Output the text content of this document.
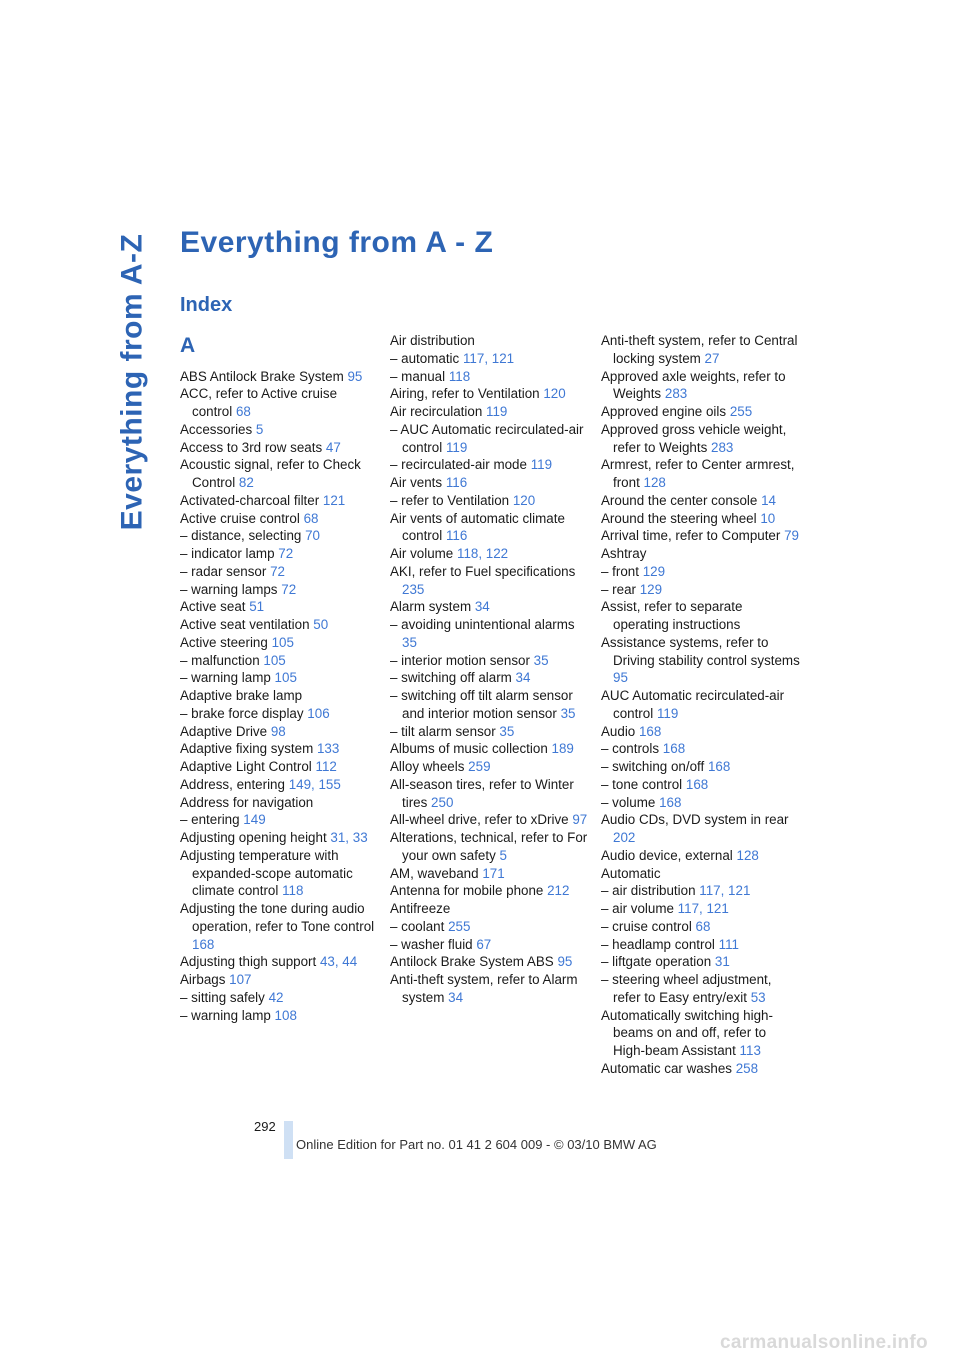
Everything from A-Z Everything from A - Z
Index
A
ABS Antilock Brake System 95
ACC, refer to Active cruise control 68
Accessories 5
Access to 3rd row seats 47
Acoustic signal, refer to Check Control 82
Activated-charcoal filter 121
Active cruise control 68
– distance, selecting 70
– indicator lamp 72
– radar sensor 72
– warning lamps 72
Active seat 51
Active seat ventilation 50
Active steering 105
– malfunction 105
– warning lamp 105
Adaptive brake lamp
– brake force display 106
Adaptive Drive 98
Adaptive fixing system 133
Adaptive Light Control 112
Address, entering 149, 155
Address for navigation
– entering 149
Adjusting opening height 31, 33
Adjusting temperature with expanded-scope automatic climate control 118
Adjusting the tone during audio operation, refer to Tone control 168
Adjusting thigh support 43, 44
Airbags 107
– sitting safely 42
– warning lamp 108
Air distribution
– automatic 117, 121
– manual 118
Airing, refer to Ventilation 120
Air recirculation 119
– AUC Automatic recirculated-air control 119
– recirculated-air mode 119
Air vents 116
– refer to Ventilation 120
Air vents of automatic climate control 116
Air volume 118, 122
AKI, refer to Fuel specifications 235
Alarm system 34
– avoiding unintentional alarms 35
– interior motion sensor 35
– switching off alarm 34
– switching off tilt alarm sensor and interior motion sensor 35
– tilt alarm sensor 35
Albums of music collection 189
Alloy wheels 259
All-season tires, refer to Winter tires 250
All-wheel drive, refer to xDrive 97
Alterations, technical, refer to For your own safety 5
AM, waveband 171
Antenna for mobile phone 212
Antifreeze
– coolant 255
– washer fluid 67
Antilock Brake System ABS 95
Anti-theft system, refer to Alarm system 34
Anti-theft system, refer to Central locking system 27
Approved axle weights, refer to Weights 283
Approved engine oils 255
Approved gross vehicle weight, refer to Weights 283
Armrest, refer to Center armrest, front 128
Around the center console 14
Around the steering wheel 10
Arrival time, refer to Computer 79
Ashtray
– front 129
– rear 129
Assist, refer to separate operating instructions
Assistance systems, refer to Driving stability control systems 95
AUC Automatic recirculated-air control 119
Audio 168
– controls 168
– switching on/off 168
– tone control 168
– volume 168
Audio CDs, DVD system in rear 202
Audio device, external 128
Automatic
– air distribution 117, 121
– air volume 117, 121
– cruise control 68
– headlamp control 111
– liftgate operation 31
– steering wheel adjustment, refer to Easy entry/exit 53
Automatically switching high-beams on and off, refer to High-beam Assistant 113
Automatic car washes 258
292
Online Edition for Part no. 01 41 2 604 009 - © 03/10 BMW AG
carmanualsonline.info
